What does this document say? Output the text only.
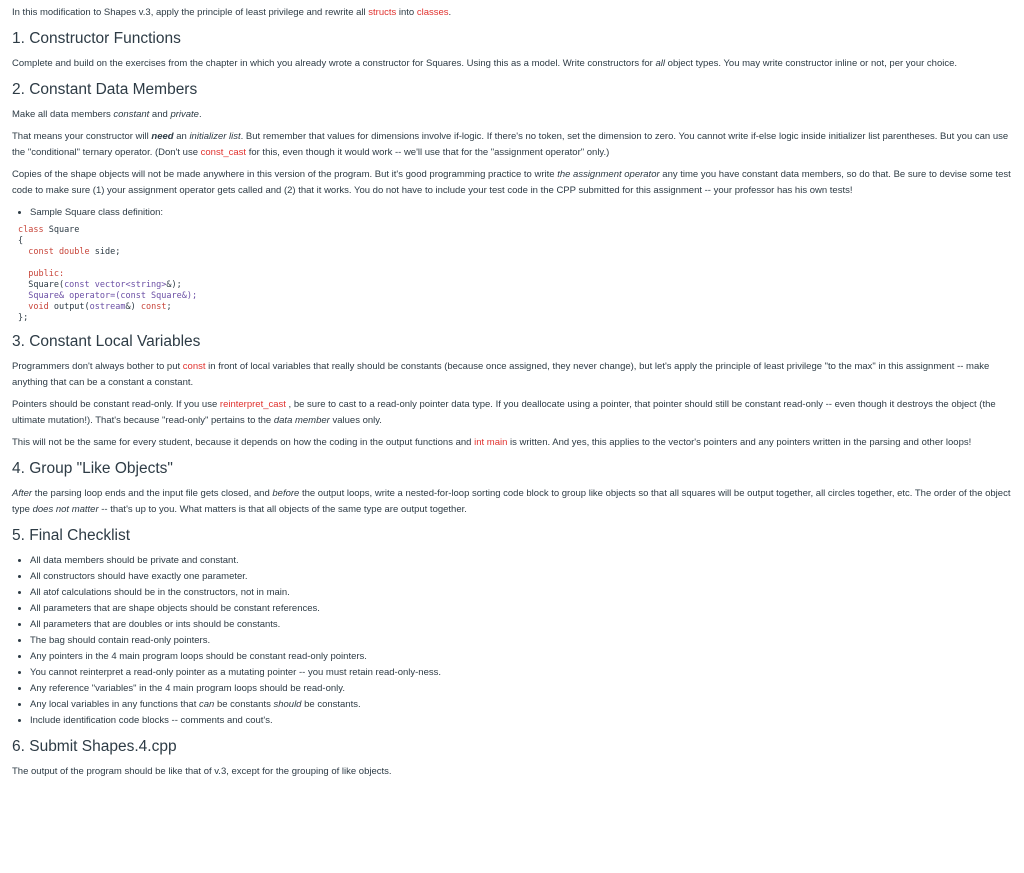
In this modification to Shapes v.3, apply the principle of least privilege and rewrite all structs into classes.

1. Constructor Functions

Complete and build on the exercises from the chapter in which you already wrote a constructor for Squares. Using this as a model. Write constructors for all object types. You may write constructor inline or not, per your choice.

2. Constant Data Members

Make all data members constant and private.

That means your constructor will need an initializer list. But remember that values for dimensions involve if-logic. If there's no token, set the dimension to zero. You cannot write if-else logic inside initializer list parentheses. But you can use the "conditional" ternary operator. (Don't use const_cast for this, even though it would work -- we'll use that for the "assignment operator" only.)

Copies of the shape objects will not be made anywhere in this version of the program. But it's good programming practice to write the assignment operator any time you have constant data members, so do that. Be sure to devise some test code to make sure (1) your assignment operator gets called and (2) that it works. You do not have to include your test code in the CPP submitted for this assignment -- your professor has his own tests!

• Sample Square class definition:
class Square
{
const double side;

public:
Square(const vector<string>&);
Square& operator=(const Square&);
void output(ostream&) const;
};
3. Constant Local Variables

Programmers don't always bother to put const in front of local variables that really should be constants (because once assigned, they never change), but let's apply the principle of least privilege "to the max" in this assignment -- make anything that can be a constant a constant.

Pointers should be constant read-only. If you use reinterpret_cast , be sure to cast to a read-only pointer data type. If you deallocate using a pointer, that pointer should still be constant read-only -- even though it destroys the object (the ultimate mutation!). That's because "read-only" pertains to the data member values only.

This will not be the same for every student, because it depends on how the coding in the output functions and int main is written. And yes, this applies to the vector's pointers and any pointers written in the parsing and other loops!

4. Group "Like Objects"

After the parsing loop ends and the input file gets closed, and before the output loops, write a nested-for-loop sorting code block to group like objects so that all squares will be output together, all circles together, etc. The order of the object type does not matter -- that's up to you. What matters is that all objects of the same type are output together.

5. Final Checklist
• All data members should be private and constant.
• All constructors should have exactly one parameter.
• All atof calculations should be in the constructors, not in main.
• All parameters that are shape objects should be constant references.
• All parameters that are doubles or ints should be constants.
• The bag should contain read-only pointers.
• Any pointers in the 4 main program loops should be constant read-only pointers.
• You cannot reinterpret a read-only pointer as a mutating pointer -- you must retain read-only-ness.
• Any reference "variables" in the 4 main program loops should be read-only.
• Any local variables in any functions that can be constants should be constants.
• Include identification code blocks -- comments and cout's.
6. Submit Shapes.4.cpp

The output of the program should be like that of v.3, except for the grouping of like objects.
